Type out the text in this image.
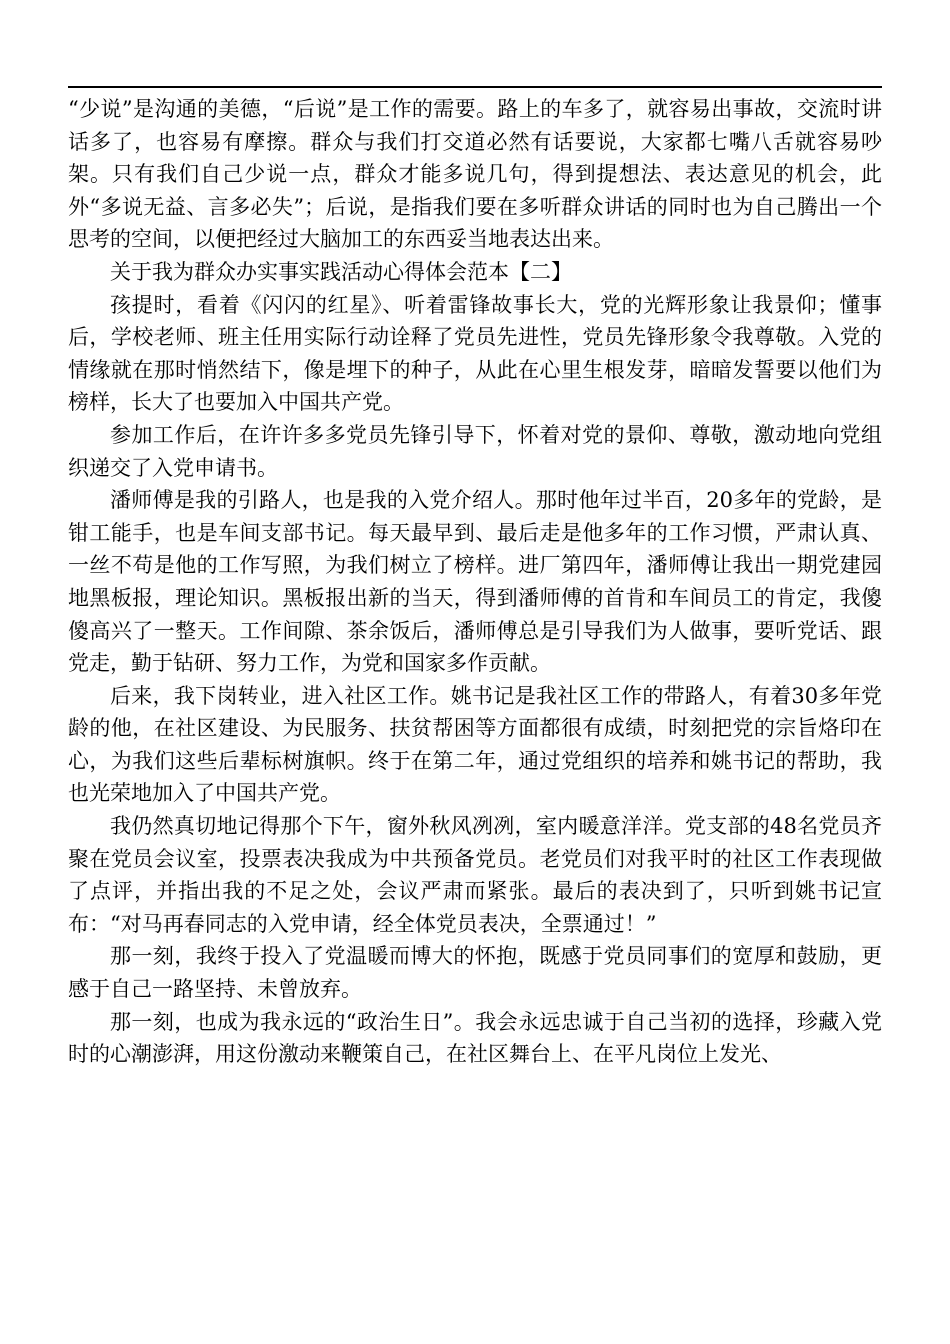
“少说”是沟通的美德，“后说”是工作的需要。路上的车多了，就容易出事故，交流时讲话多了，也容易有摩擦。群众与我们打交道必然有话要说，大家都七嘴八舌就容易吵架。只有我们自己少说一点，群众才能多说几句，得到提想法、表达意见的机会，此外“多说无益、言多必失”；后说，是指我们要在多听群众讲话的同时也为自己腾出一个思考的空间，以便把经过大脑加工的东西妥当地表达出来。

关于我为群众办实事实践活动心得体会范本【二】

孩提时，看着《闪闪的红星》、听着雷锋故事长大，党的光辉形象让我景仰；懂事后，学校老师、班主任用实际行动诠释了党员先进性，党员先锋形象令我尊敬。入党的情缘就在那时悄然结下，像是埋下的种子，从此在心里生根发芽，暗暗发誓要以他们为榜样，长大了也要加入中国共产党。

参加工作后，在许许多多党员先锋引导下，怀着对党的景仰、尊敬，激动地向党组织递交了入党申请书。

潘师傅是我的引路人，也是我的入党介绍人。那时他年过半百，20多年的党龄，是钳工能手，也是车间支部书记。每天最早到、最后走是他多年的工作习惯，严肃认真、一丝不苟是他的工作写照，为我们树立了榜样。进厂第四年，潘师傅让我出一期党建园地黑板报，理论知识。黑板报出新的当天，得到潘师傅的首肯和车间员工的肯定，我傻傻高兴了一整天。工作间隙、茶余饭后，潘师傅总是引导我们为人做事，要听党话、跟党走，勤于钻研、努力工作，为党和国家多作贡献。

后来，我下岗转业，进入社区工作。姚书记是我社区工作的带路人，有着30多年党龄的他，在社区建设、为民服务、扶贫帮困等方面都很有成绩，时刻把党的宗旨烙印在心，为我们这些后辈标树旗帜。终于在第二年，通过党组织的培养和姚书记的帮助，我也光荣地加入了中国共产党。

我仍然真切地记得那个下午，窗外秋风冽冽，室内暖意洋洋。党支部的48名党员齐聚在党员会议室，投票表决我成为中共预备党员。老党员们对我平时的社区工作表现做了点评，并指出我的不足之处，会议严肃而紧张。最后的表决到了，只听到姚书记宣布：“对马再春同志的入党申请，经全体党员表决，全票通过！”

那一刻，我终于投入了党温暖而博大的怀抱，既感于党员同事们的宽厚和鼓励，更感于自己一路坚持、未曾放弃。

那一刻，也成为我永远的“政治生日”。我会永远忠诚于自己当初的选择，珍藏入党时的心潮澎湃，用这份激动来鞭策自己，在社区舞台上、在平凡岗位上发光、
